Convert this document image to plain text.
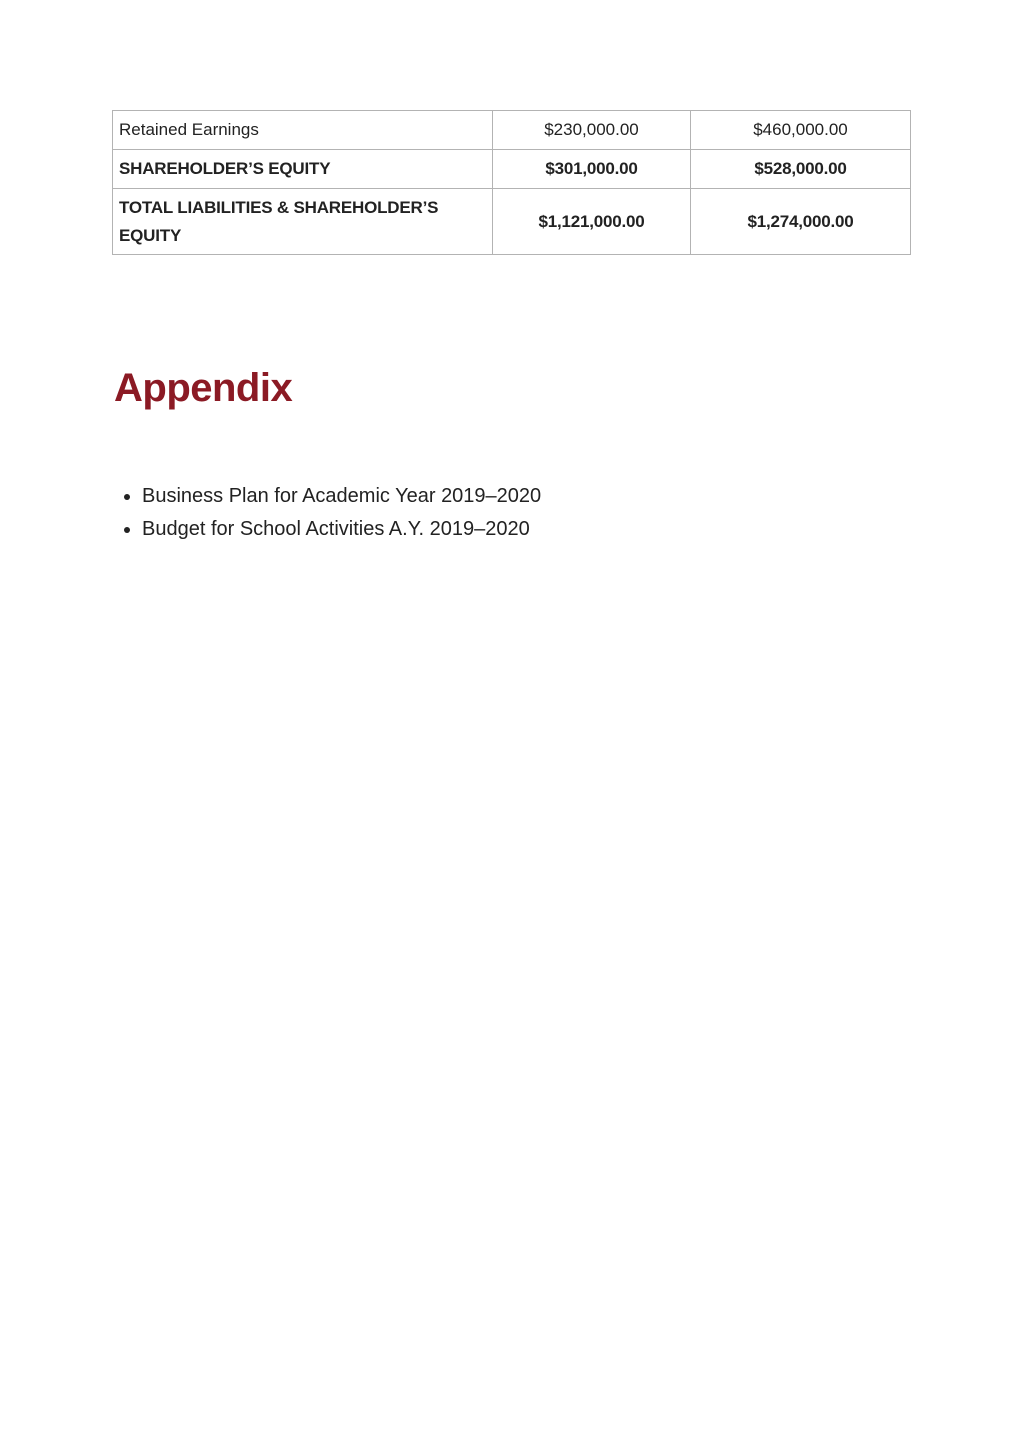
Retained Earnings	$230,000.00	$460,000.00
SHAREHOLDER’S EQUITY	$301,000.00	$528,000.00
TOTAL LIABILITIES & SHAREHOLDER’S EQUITY	$1,121,000.00	$1,274,000.00
Appendix
• Business Plan for Academic Year 2019–2020
• Budget for School Activities A.Y. 2019–2020
